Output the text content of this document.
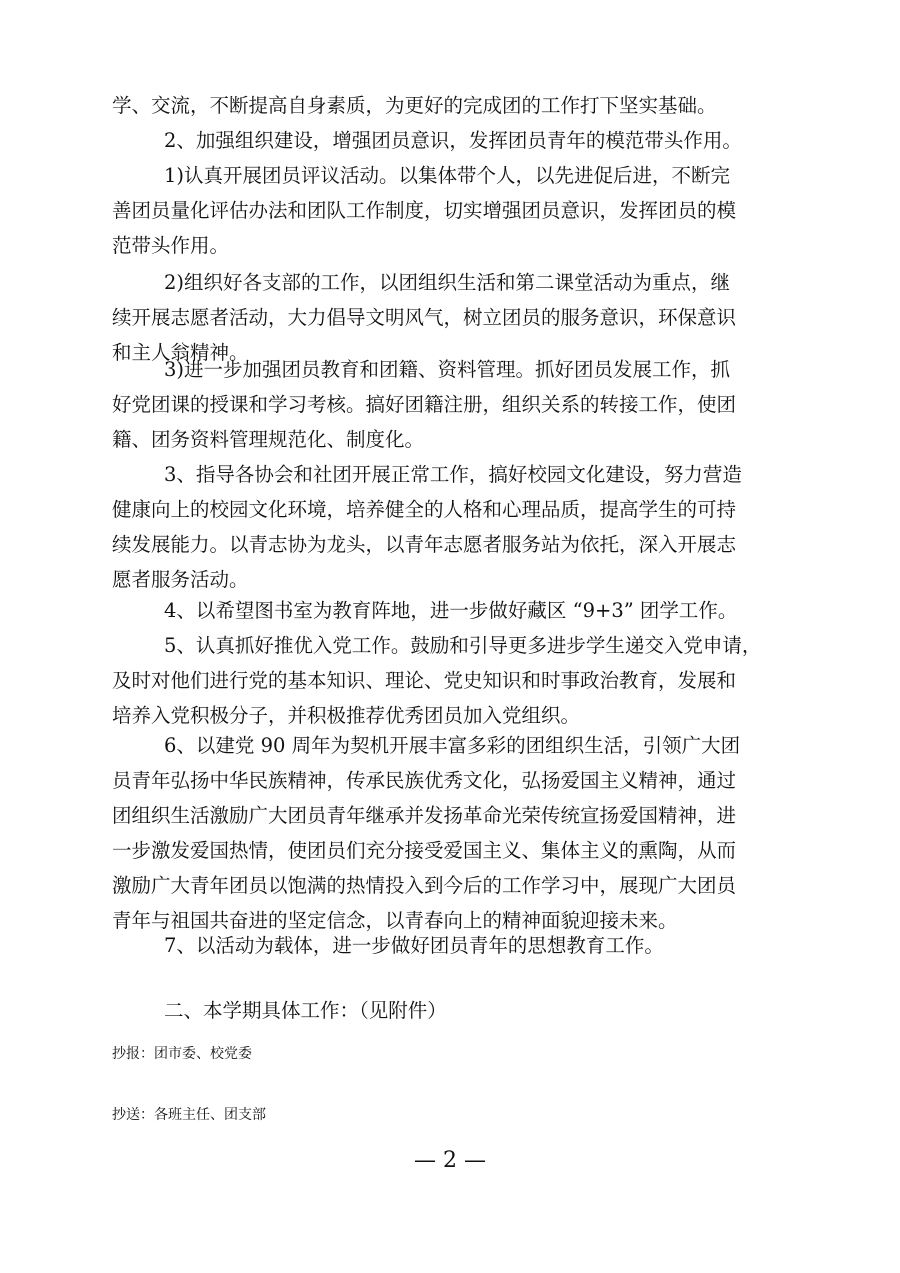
学、交流，不断提高自身素质，为更好的完成团的工作打下坚实基础。

2、加强组织建设，增强团员意识，发挥团员青年的模范带头作用。

1)认真开展团员评议活动。以集体带个人，以先进促后进，不断完
善团员量化评估办法和团队工作制度，切实增强团员意识，发挥团员的模
范带头作用。

2)组织好各支部的工作，以团组织生活和第二课堂活动为重点，继
续开展志愿者活动，大力倡导文明风气，树立团员的服务意识，环保意识
和主人翁精神。

3)进一步加强团员教育和团籍、资料管理。抓好团员发展工作，抓
好党团课的授课和学习考核。搞好团籍注册，组织关系的转接工作，使团
籍、团务资料管理规范化、制度化。

3、指导各协会和社团开展正常工作，搞好校园文化建设，努力营造
健康向上的校园文化环境，培养健全的人格和心理品质，提高学生的可持
续发展能力。以青志协为龙头，以青年志愿者服务站为依托，深入开展志
愿者服务活动。

4、以希望图书室为教育阵地，进一步做好藏区 “9+3” 团学工作。

5、认真抓好推优入党工作。鼓励和引导更多进步学生递交入党申请，
及时对他们进行党的基本知识、理论、党史知识和时事政治教育，发展和
培养入党积极分子，并积极推荐优秀团员加入党组织。

6、以建党 90 周年为契机开展丰富多彩的团组织生活，引领广大团
员青年弘扬中华民族精神，传承民族优秀文化，弘扬爱国主义精神，通过
团组织生活激励广大团员青年继承并发扬革命光荣传统宣扬爱国精神，进
一步激发爱国热情，使团员们充分接受爱国主义、集体主义的熏陶，从而
激励广大青年团员以饱满的热情投入到今后的工作学习中，展现广大团员
青年与祖国共奋进的坚定信念，以青春向上的精神面貌迎接未来。

7、以活动为载体，进一步做好团员青年的思想教育工作。

二、本学期具体工作：（见附件）

抄报：团市委、校党委
抄送：各班主任、团支部
— 2 —
